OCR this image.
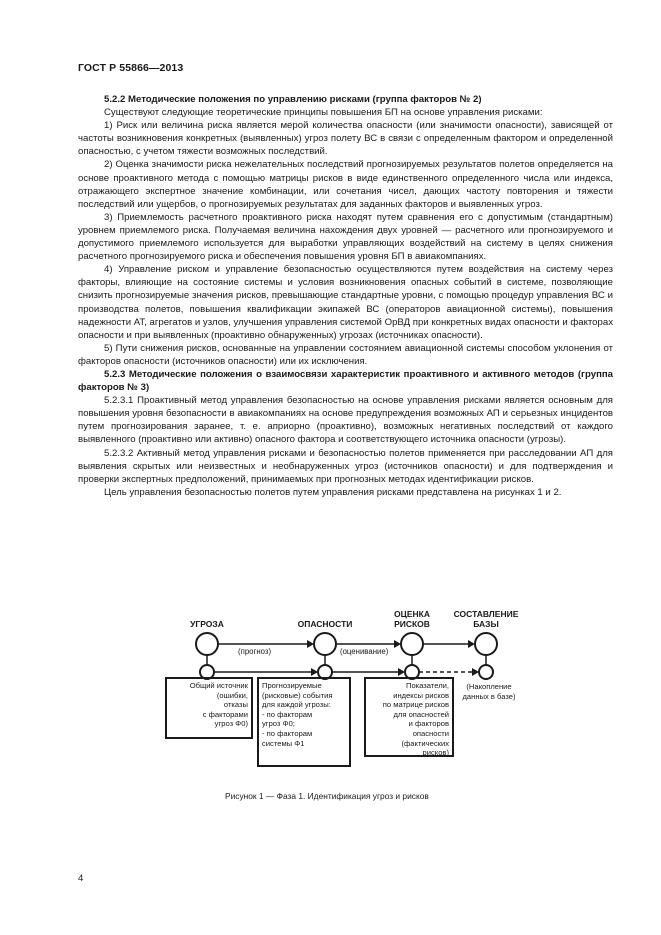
ГОСТ Р 55866—2013

5.2.2 Методические положения по управлению рисками (группа факторов № 2)

Существуют следующие теоретические принципы повышения БП на основе управления рисками:

1) Риск или величина риска является мерой количества опасности (или значимости опасности), зависящей от частоты возникновения конкретных (выявленных) угроз полету ВС в связи с определенным фактором и определенной опасностью, с учетом тяжести возможных последствий.

2) Оценка значимости риска нежелательных последствий прогнозируемых результатов полетов определяется на основе проактивного метода с помощью матрицы рисков в виде единственного определенного числа или индекса, отражающего экспертное значение комбинации, или сочетания чисел, дающих частоту повторения и тяжести последствий или ущербов, о прогнозируемых результатах для заданных факторов и выявленных угроз.

3) Приемлемость расчетного проактивного риска находят путем сравнения его с допустимым (стандартным) уровнем приемлемого риска. Получаемая величина нахождения двух уровней — расчетного или прогнозируемого и допустимого приемлемого используется для выработки управляющих воздействий на систему в целях снижения расчетного прогнозируемого риска и обеспечения повышения уровня БП в авиакомпаниях.

4) Управление риском и управление безопасностью осуществляются путем воздействия на систему через факторы, влияющие на состояние системы и условия возникновения опасных событий в системе, позволяющие снизить прогнозируемые значения рисков, превышающие стандартные уровни, с помощью процедур управления ВС и производства полетов, повышения квалификации экипажей ВС (операторов авиационной системы), повышения надежности АТ, агрегатов и узлов, улучшения управления системой ОрВД при конкретных видах опасности и факторах опасности и при выявленных (проактивно обнаруженных) угрозах (источниках опасности).

5) Пути снижения рисков, основанные на управлении состоянием авиационной системы способом уклонения от факторов опасности (источников опасности) или их исключения.

5.2.3 Методические положения о взаимосвязи характеристик проактивного и активного методов (группа факторов № 3)

5.2.3.1 Проактивный метод управления безопасностью на основе управления рисками является основным для повышения уровня безопасности в авиакомпаниях на основе предупреждения возможных АП и серьезных инцидентов путем прогнозирования заранее, т. е. априорно (проактивно), возможных негативных последствий от каждого выявленного (проактивно или активно) опасного фактора и соответствующего источника опасности (угрозы).

5.2.3.2 Активный метод управления рисками и безопасностью полетов применяется при расследовании АП для выявления скрытых или неизвестных и необнаруженных угроз (источников опасности) и для подтверждения и проверки экспертных предположений, принимаемых при прогнозных методах идентификации рисков.

Цель управления безопасностью полетов путем управления рисками представлена на рисунках 1 и 2.

УГРОЗА	ОПАСНОСТИ
ОЦЕНКА РИСКОВ
СОСТАВЛЕНИЕ БАЗЫ
(прогноз)	(оценивание)
Общий источник
(ошибки,
отказы
с факторами
угроз Φ0)
Прогнозируемые
(рисковые) события
для каждой угрозы:
- по факторам
угроз Φ0;
- по факторам
системы Φ1
Показатели,
индексы рисков
по матрице рисков
для опасностей
и факторов
опасности
(фактических
рисков)
(Накопление
данных в базе)
Рисунок 1 — Фаза 1. Идентификация угроз и рисков
4
